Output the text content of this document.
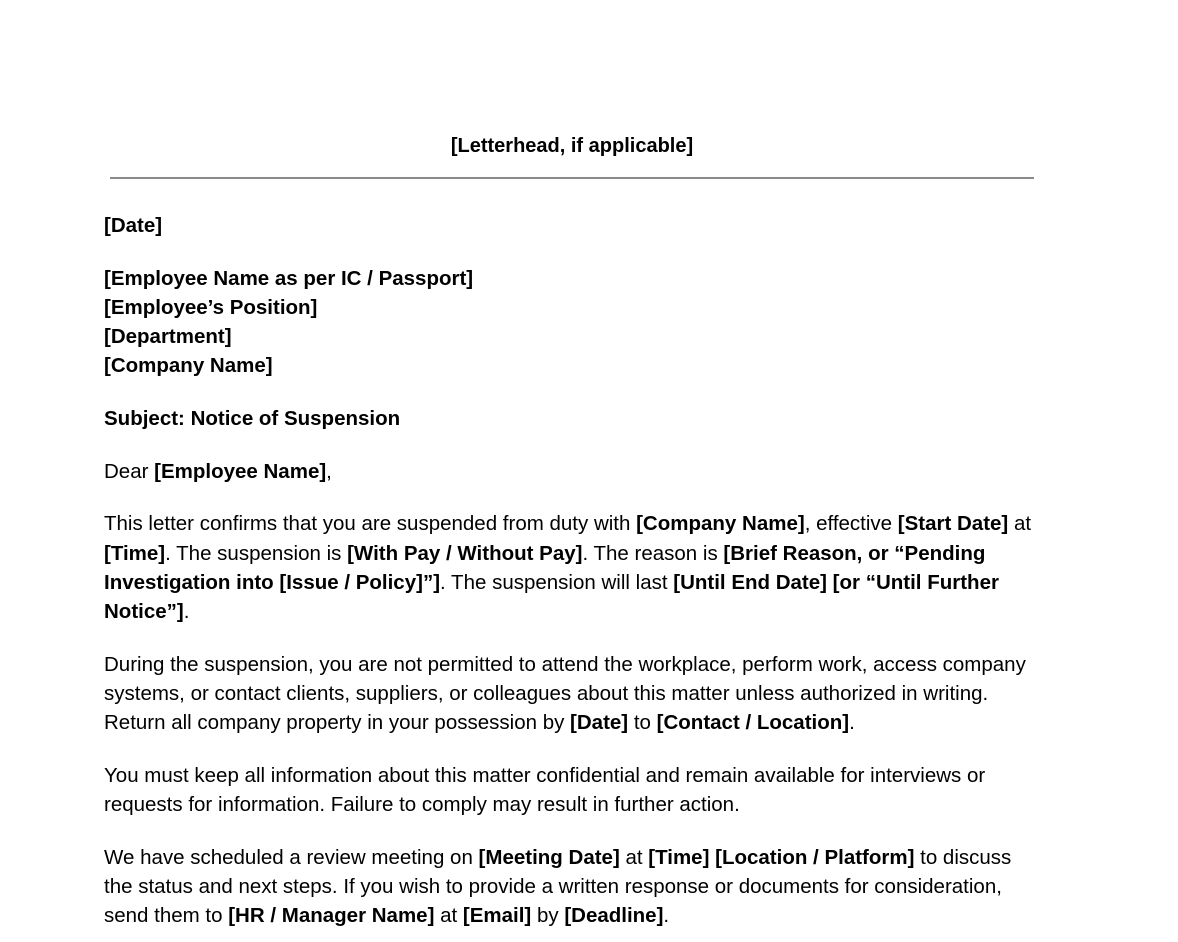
[Letterhead, if applicable]

[Date]

[Employee Name as per IC / Passport]
[Employee’s Position]
[Department]
[Company Name]

Subject: Notice of Suspension

Dear [Employee Name],

This letter confirms that you are suspended from duty with [Company Name], effective [Start Date] at [Time]. The suspension is [With Pay / Without Pay]. The reason is [Brief Reason, or “Pending Investigation into [Issue / Policy]”]. The suspension will last [Until End Date] [or “Until Further Notice”].

During the suspension, you are not permitted to attend the workplace, perform work, access company systems, or contact clients, suppliers, or colleagues about this matter unless authorized in writing. Return all company property in your possession by [Date] to [Contact / Location].

You must keep all information about this matter confidential and remain available for interviews or requests for information. Failure to comply may result in further action.

We have scheduled a review meeting on [Meeting Date] at [Time] [Location / Platform] to discuss the status and next steps. If you wish to provide a written response or documents for consideration, send them to [HR / Manager Name] at [Email] by [Deadline].
